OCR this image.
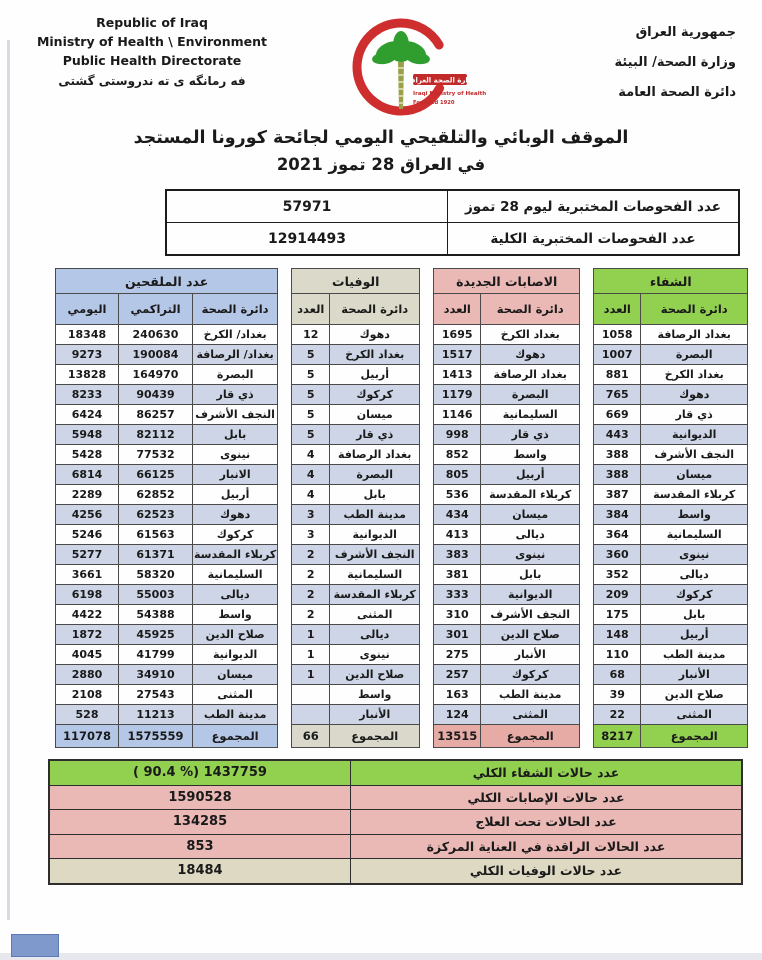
Republic of Iraq
Ministry of Health \ Environment
Public Health Directorate
فه رمانگه ی ته ندروستی گشتی	وزارة الصحة العراقية
Iraqi Ministry of Health
Founded 1920
جمهورية العراق
وزارة الصحة/ البيئة
دائرة الصحة العامة
الموقف الوبائي والتلقيحي اليومي لجائحة كورونا المستجد
في العراق 28 تموز 2021
57971	عدد الفحوصات المختبرية ليوم 28 تموز
12914493	عدد الفحوصات المختبرية الكلية
عدد الملقحين		
اليومي	التراكمي	دائرة الصحة
18348	240630	بغداد/ الكرخ
9273	190084	بغداد/ الرصافة
13828	164970	البصرة
8233	90439	ذي قار
6424	86257	النجف الأشرف
5948	82112	بابل
5428	77532	نينوى
6814	66125	الانبار
2289	62852	أربيل
4256	62523	دهوك
5246	61563	كركوك
5277	61371	كربلاء المقدسة
3661	58320	السليمانية
6198	55003	ديالى
4422	54388	واسط
1872	45925	صلاح الدين
4045	41799	الديوانية
2880	34910	ميسان
2108	27543	المثنى
528	11213	مدينة الطب
117078	1575559	المجموع
الوفيات	
العدد	دائرة الصحة
12	دهوك
5	بغداد الكرخ
5	أربيل
5	كركوك
5	ميسان
5	ذي قار
4	بغداد الرصافة
4	البصرة
4	بابل
3	مدينة الطب
3	الديوانية
2	النجف الأشرف
2	السليمانية
2	كربلاء المقدسة
2	المثنى
1	ديالى
1	نينوى
1	صلاح الدين
	واسط
	الأنبار
66	المجموع
الاصابات الجديدة	
العدد	دائرة الصحة
1695	بغداد الكرخ
1517	دهوك
1413	بغداد الرصافة
1179	البصرة
1146	السليمانية
998	ذي قار
852	واسط
805	أربيل
536	كربلاء المقدسة
434	ميسان
413	ديالى
383	نينوى
381	بابل
333	الديوانية
310	النجف الأشرف
301	صلاح الدين
275	الأنبار
257	كركوك
163	مدينة الطب
124	المثنى
13515	المجموع
الشفاء	
العدد	دائرة الصحة
1058	بغداد الرصافة
1007	البصرة
881	بغداد الكرخ
765	دهوك
669	ذي قار
443	الديوانية
388	النجف الأشرف
388	ميسان
387	كربلاء المقدسة
384	واسط
364	السليمانية
360	نينوى
352	ديالى
209	كركوك
175	بابل
148	أربيل
110	مدينة الطب
68	الأنبار
39	صلاح الدين
22	المثنى
8217	المجموع
( 90.4 %) 1437759	عدد حالات الشفاء الكلي
1590528	عدد حالات الإصابات الكلي
134285	عدد الحالات تحت العلاج
853	عدد الحالات الراقدة في العناية المركزة
18484	عدد حالات الوفيات الكلي
